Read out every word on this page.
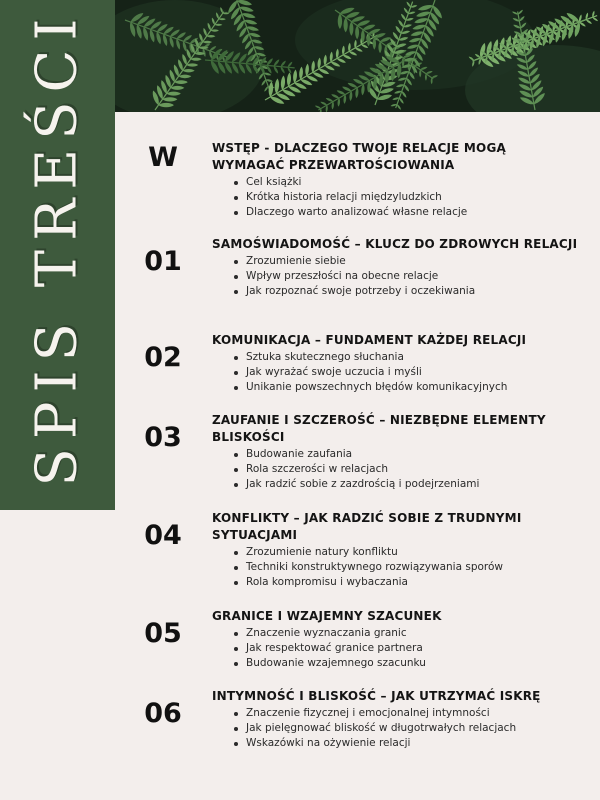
SPIS TREŚCI	W	WSTĘP - DLACZEGO TWOJE RELACJE MOGĄ WYMAGAĆ PRZEWARTOŚCIOWANIA

Cel książki
Krótka historia relacji międzyludzkich
Dlaczego warto analizować własne relacje
01

SAMOŚWIADOMOŚĆ – KLUCZ DO ZDROWYCH RELACJI

Zrozumienie siebie
Wpływ przeszłości na obecne relacje
Jak rozpoznać swoje potrzeby i oczekiwania
02

KOMUNIKACJA – FUNDAMENT KAŻDEJ RELACJI

Sztuka skutecznego słuchania
Jak wyrażać swoje uczucia i myśli
Unikanie powszechnych błędów komunikacyjnych
03

ZAUFANIE I SZCZEROŚĆ – NIEZBĘDNE ELEMENTY BLISKOŚCI

Budowanie zaufania
Rola szczerości w relacjach
Jak radzić sobie z zazdrością i podejrzeniami
04

KONFLIKTY – JAK RADZIĆ SOBIE Z TRUDNYMI SYTUACJAMI

Zrozumienie natury konfliktu
Techniki konstruktywnego rozwiązywania sporów
Rola kompromisu i wybaczania
05

GRANICE I WZAJEMNY SZACUNEK

Znaczenie wyznaczania granic
Jak respektować granice partnera
Budowanie wzajemnego szacunku
06

INTYMNOŚĆ I BLISKOŚĆ – JAK UTRZYMAĆ ISKRĘ

Znaczenie fizycznej i emocjonalnej intymności
Jak pielęgnować bliskość w długotrwałych relacjach
Wskazówki na ożywienie relacji
